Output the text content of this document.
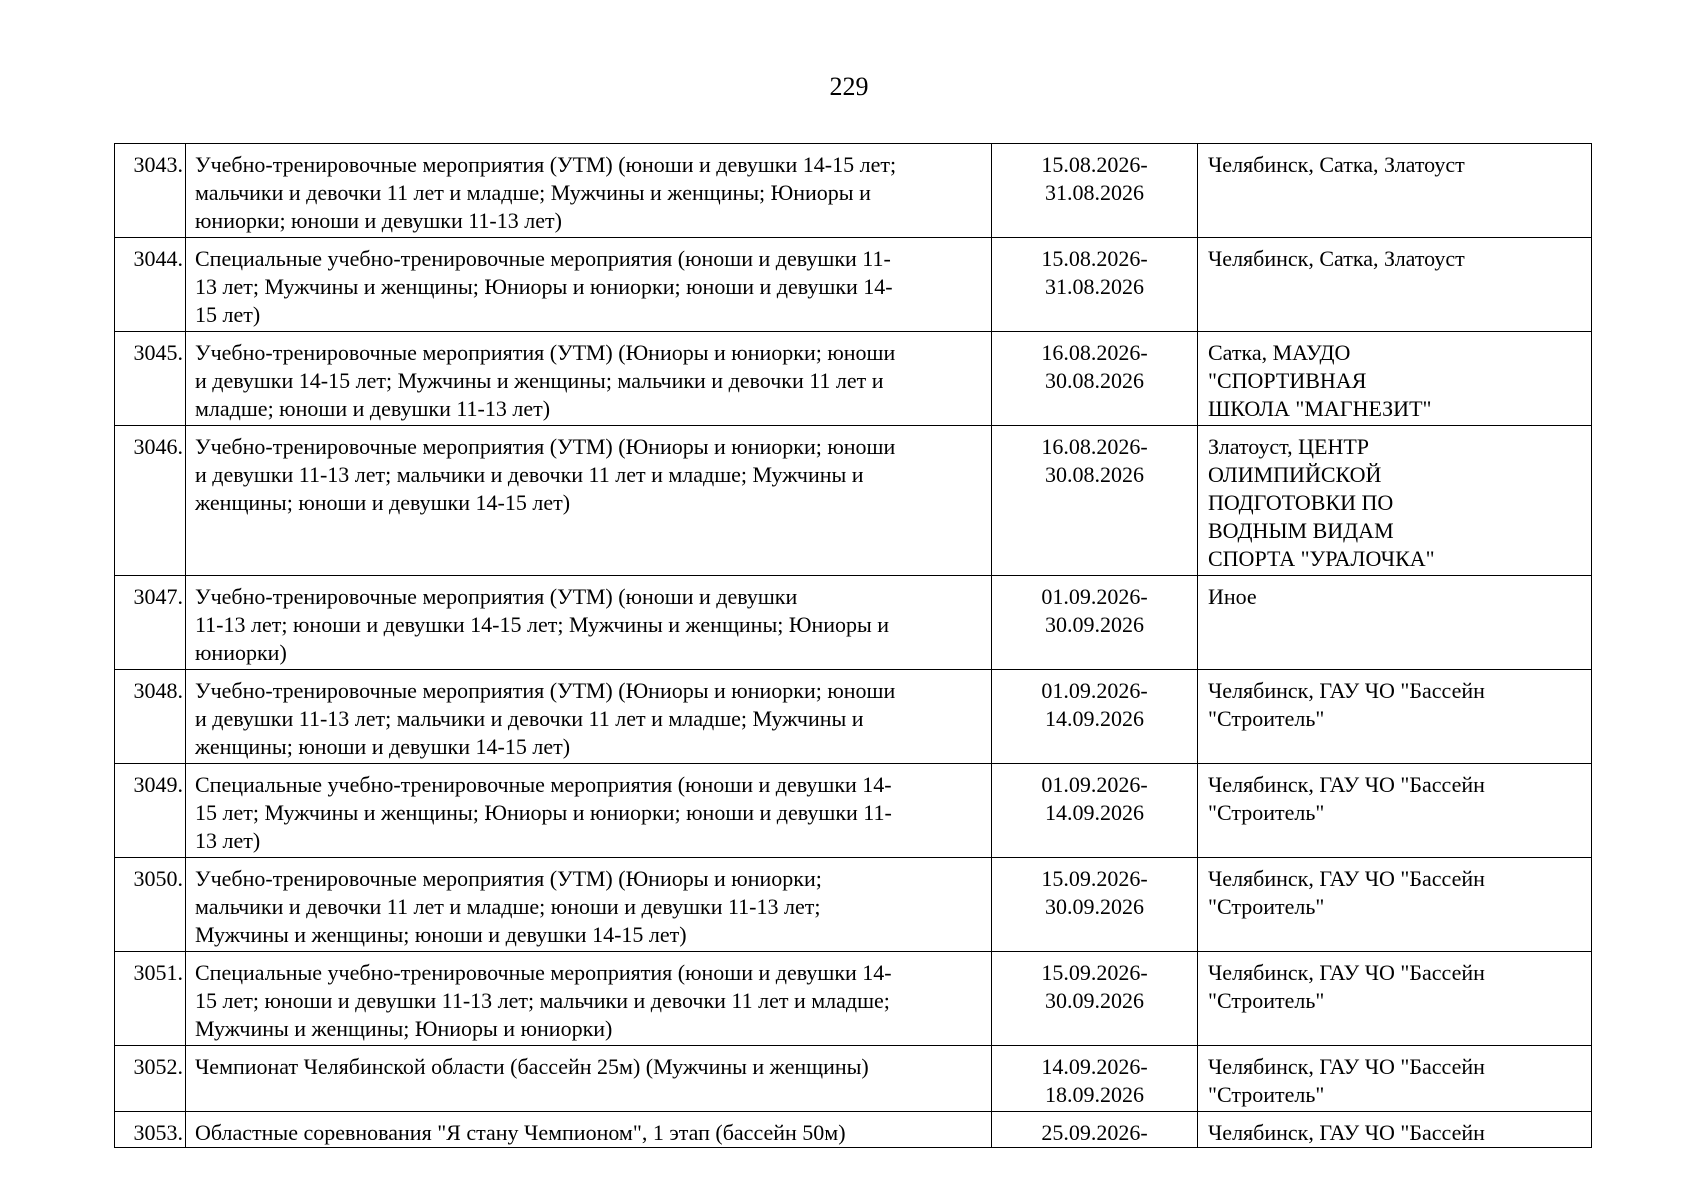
229
3043.	Учебно-тренировочные мероприятия (УТМ) (юноши и девушки 14-15 лет;
мальчики и девочки 11 лет и младше; Мужчины и женщины; Юниоры и
юниорки; юноши и девушки 11-13 лет)	15.08.2026-
31.08.2026	Челябинск, Сатка, Златоуст

3044.	Специальные учебно-тренировочные мероприятия (юноши и девушки 11-
13 лет; Мужчины и женщины; Юниоры и юниорки; юноши и девушки 14-
15 лет)	15.08.2026-
31.08.2026	Челябинск, Сатка, Златоуст

3045.	Учебно-тренировочные мероприятия (УТМ) (Юниоры и юниорки; юноши
и девушки 14-15 лет; Мужчины и женщины; мальчики и девочки 11 лет и
младше; юноши и девушки 11-13 лет)	16.08.2026-
30.08.2026	Сатка, МАУДО
"СПОРТИВНАЯ
ШКОЛА "МАГНЕЗИТ"

3046.	Учебно-тренировочные мероприятия (УТМ) (Юниоры и юниорки; юноши
и девушки 11-13 лет; мальчики и девочки 11 лет и младше; Мужчины и
женщины; юноши и девушки 14-15 лет)	16.08.2026-
30.08.2026	Златоуст, ЦЕНТР
ОЛИМПИЙСКОЙ
ПОДГОТОВКИ ПО
ВОДНЫМ ВИДАМ
СПОРТА "УРАЛОЧКА"

3047.	Учебно-тренировочные мероприятия (УТМ) (юноши и девушки
11-13 лет; юноши и девушки 14-15 лет; Мужчины и женщины; Юниоры и
юниорки)	01.09.2026-
30.09.2026	Иное

3048.	Учебно-тренировочные мероприятия (УТМ) (Юниоры и юниорки; юноши
и девушки 11-13 лет; мальчики и девочки 11 лет и младше; Мужчины и
женщины; юноши и девушки 14-15 лет)	01.09.2026-
14.09.2026	Челябинск, ГАУ ЧО "Бассейн
"Строитель"

3049.	Специальные учебно-тренировочные мероприятия (юноши и девушки 14-
15 лет; Мужчины и женщины; Юниоры и юниорки; юноши и девушки 11-
13 лет)	01.09.2026-
14.09.2026	Челябинск, ГАУ ЧО "Бассейн
"Строитель"

3050.	Учебно-тренировочные мероприятия (УТМ) (Юниоры и юниорки;
мальчики и девочки 11 лет и младше; юноши и девушки 11-13 лет;
Мужчины и женщины; юноши и девушки 14-15 лет)	15.09.2026-
30.09.2026	Челябинск, ГАУ ЧО "Бассейн
"Строитель"

3051.	Специальные учебно-тренировочные мероприятия (юноши и девушки 14-
15 лет; юноши и девушки 11-13 лет; мальчики и девочки 11 лет и младше;
Мужчины и женщины; Юниоры и юниорки)	15.09.2026-
30.09.2026	Челябинск, ГАУ ЧО "Бассейн
"Строитель"

3052.	Чемпионат Челябинской области (бассейн 25м) (Мужчины и женщины)	14.09.2026-
18.09.2026	Челябинск, ГАУ ЧО "Бассейн
"Строитель"

3053.	Областные соревнования "Я стану Чемпионом", 1 этап (бассейн 50м)	25.09.2026-	Челябинск, ГАУ ЧО "Бассейн
